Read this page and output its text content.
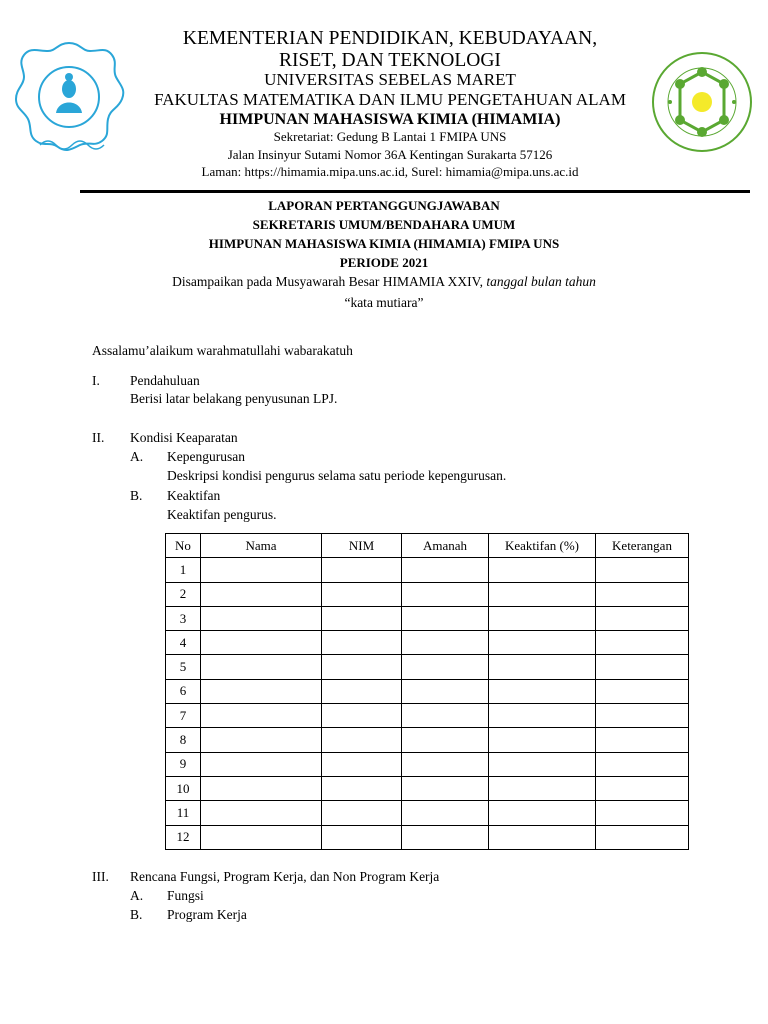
KEMENTERIAN PENDIDIKAN, KEBUDAYAAN,
RISET, DAN TEKNOLOGI
UNIVERSITAS SEBELAS MARET
FAKULTAS MATEMATIKA DAN ILMU PENGETAHUAN ALAM
HIMPUNAN MAHASISWA KIMIA (HIMAMIA)
Sekretariat: Gedung B Lantai 1 FMIPA UNS
Jalan Insinyur Sutami Nomor 36A Kentingan Surakarta 57126
Laman: https://himamia.mipa.uns.ac.id, Surel: himamia@mipa.uns.ac.id
LAPORAN PERTANGGUNGJAWABAN
SEKRETARIS UMUM/BENDAHARA UMUM
HIMPUNAN MAHASISWA KIMIA (HIMAMIA) FMIPA UNS
PERIODE 2021
Disampaikan pada Musyawarah Besar HIMAMIA XXIV, tanggal bulan tahun
“kata mutiara”
Assalamu’alaikum warahmatullahi wabarakatuh
I. Pendahuluan
Berisi latar belakang penyusunan LPJ.
II. Kondisi Keaparatan
A. Kepengurusan
Deskripsi kondisi pengurus selama satu periode kepengurusan.
B. Keaktifan
Keaktifan pengurus.
No	Nama	NIM	Amanah	Keaktifan (%)	Keterangan
1					
2					
3					
4					
5					
6					
7					
8					
9					
10					
11					
12					
III. Rencana Fungsi, Program Kerja, dan Non Program Kerja
A. Fungsi
B. Program Kerja
